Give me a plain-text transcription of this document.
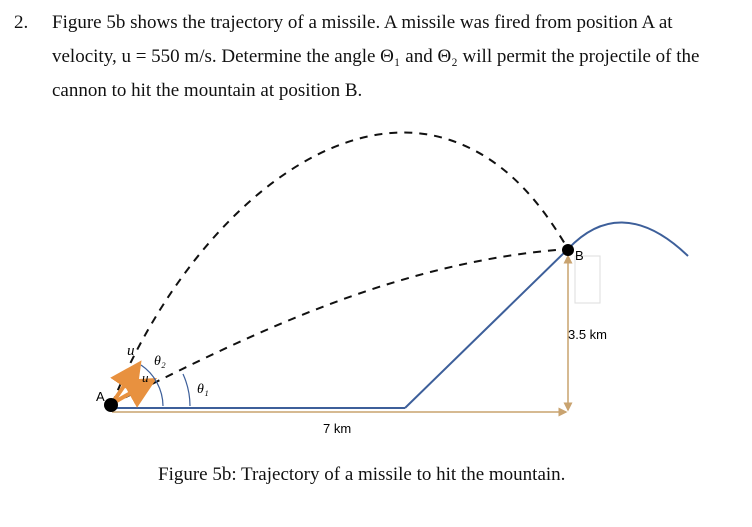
2. Figure 5b shows the trajectory of a missile. A missile was fired from position A at
velocity, u = 550 m/s. Determine the angle Θ₁ and Θ₂ will permit the projectile of the
cannon to hit the mountain at position B.
A
B
u
u
θ₂
θ₁
7 km
3.5 km
Figure 5b: Trajectory of a missile to hit the mountain.
